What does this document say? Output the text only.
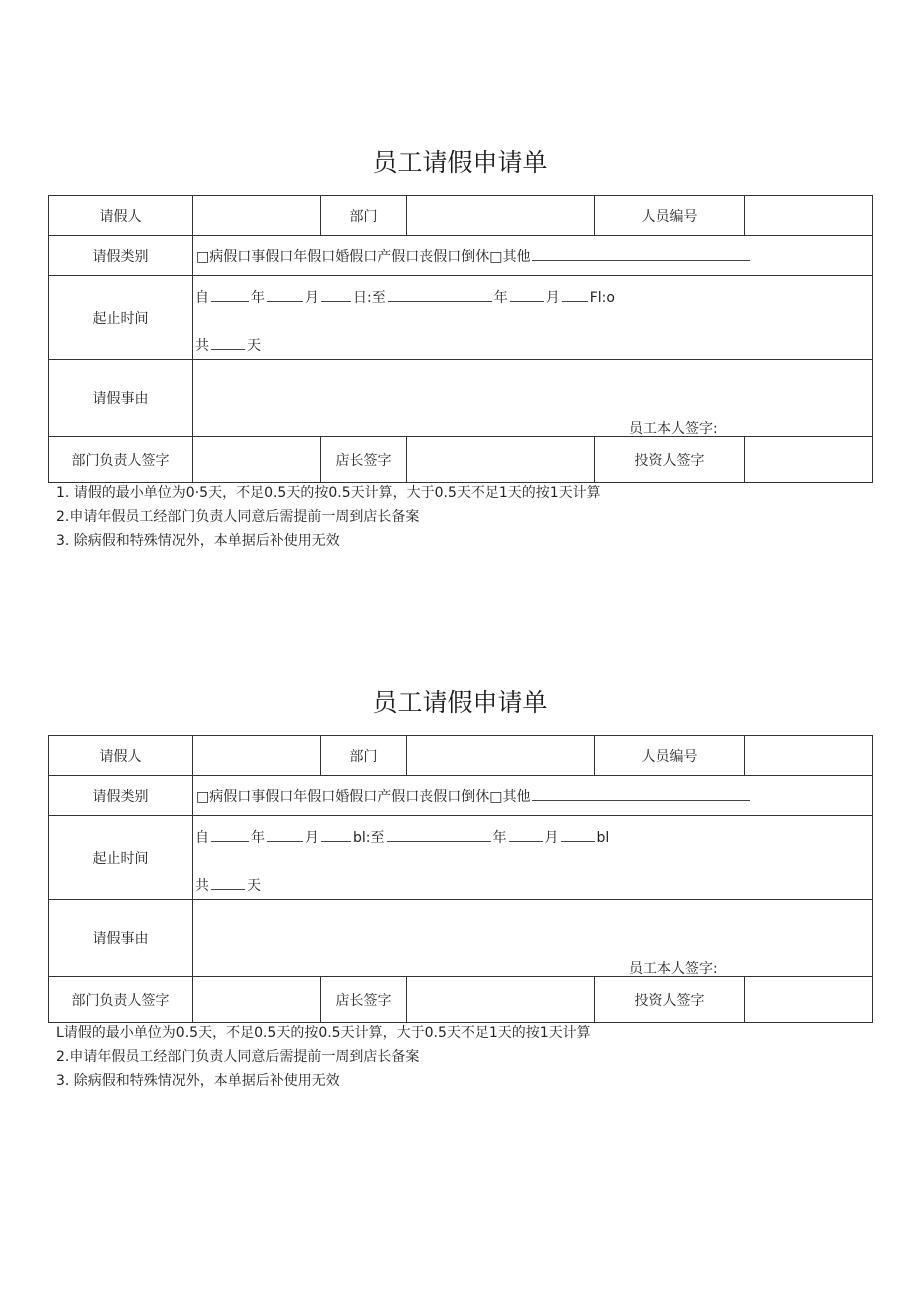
员工请假申请单
请假人		部门		人员编号	
请假类别	□病假口事假口年假口婚假口产假口丧假口倒休□其他				
起止时间	自 年 月 日:至 年 月 Fl:o
共 天				

请假事由	员工本人签字:				

部门负责人签字		店长签字		投资人签字	
1. 请假的最小单位为0·5天，不足0.5天的按0.5天计算，大于0.5天不足1天的按1天计算
2.申请年假员工经部门负责人同意后需提前一周到店长备案
3. 除病假和特殊情况外，本单据后补使用无效
员工请假申请单
请假人		部门		人员编号	
请假类别	□病假口事假口年假口婚假口产假口丧假口倒休□其他				
起止时间	自 年 月 bl:至 年 月 bl
共 天				

请假事由	员工本人签字:				

部门负责人签字		店长签字		投资人签字	
L请假的最小单位为0.5天，不足0.5天的按0.5天计算，大于0.5天不足1天的按1天计算
2.申请年假员工经部门负责人同意后需提前一周到店长备案
3. 除病假和特殊情况外，本单据后补使用无效
